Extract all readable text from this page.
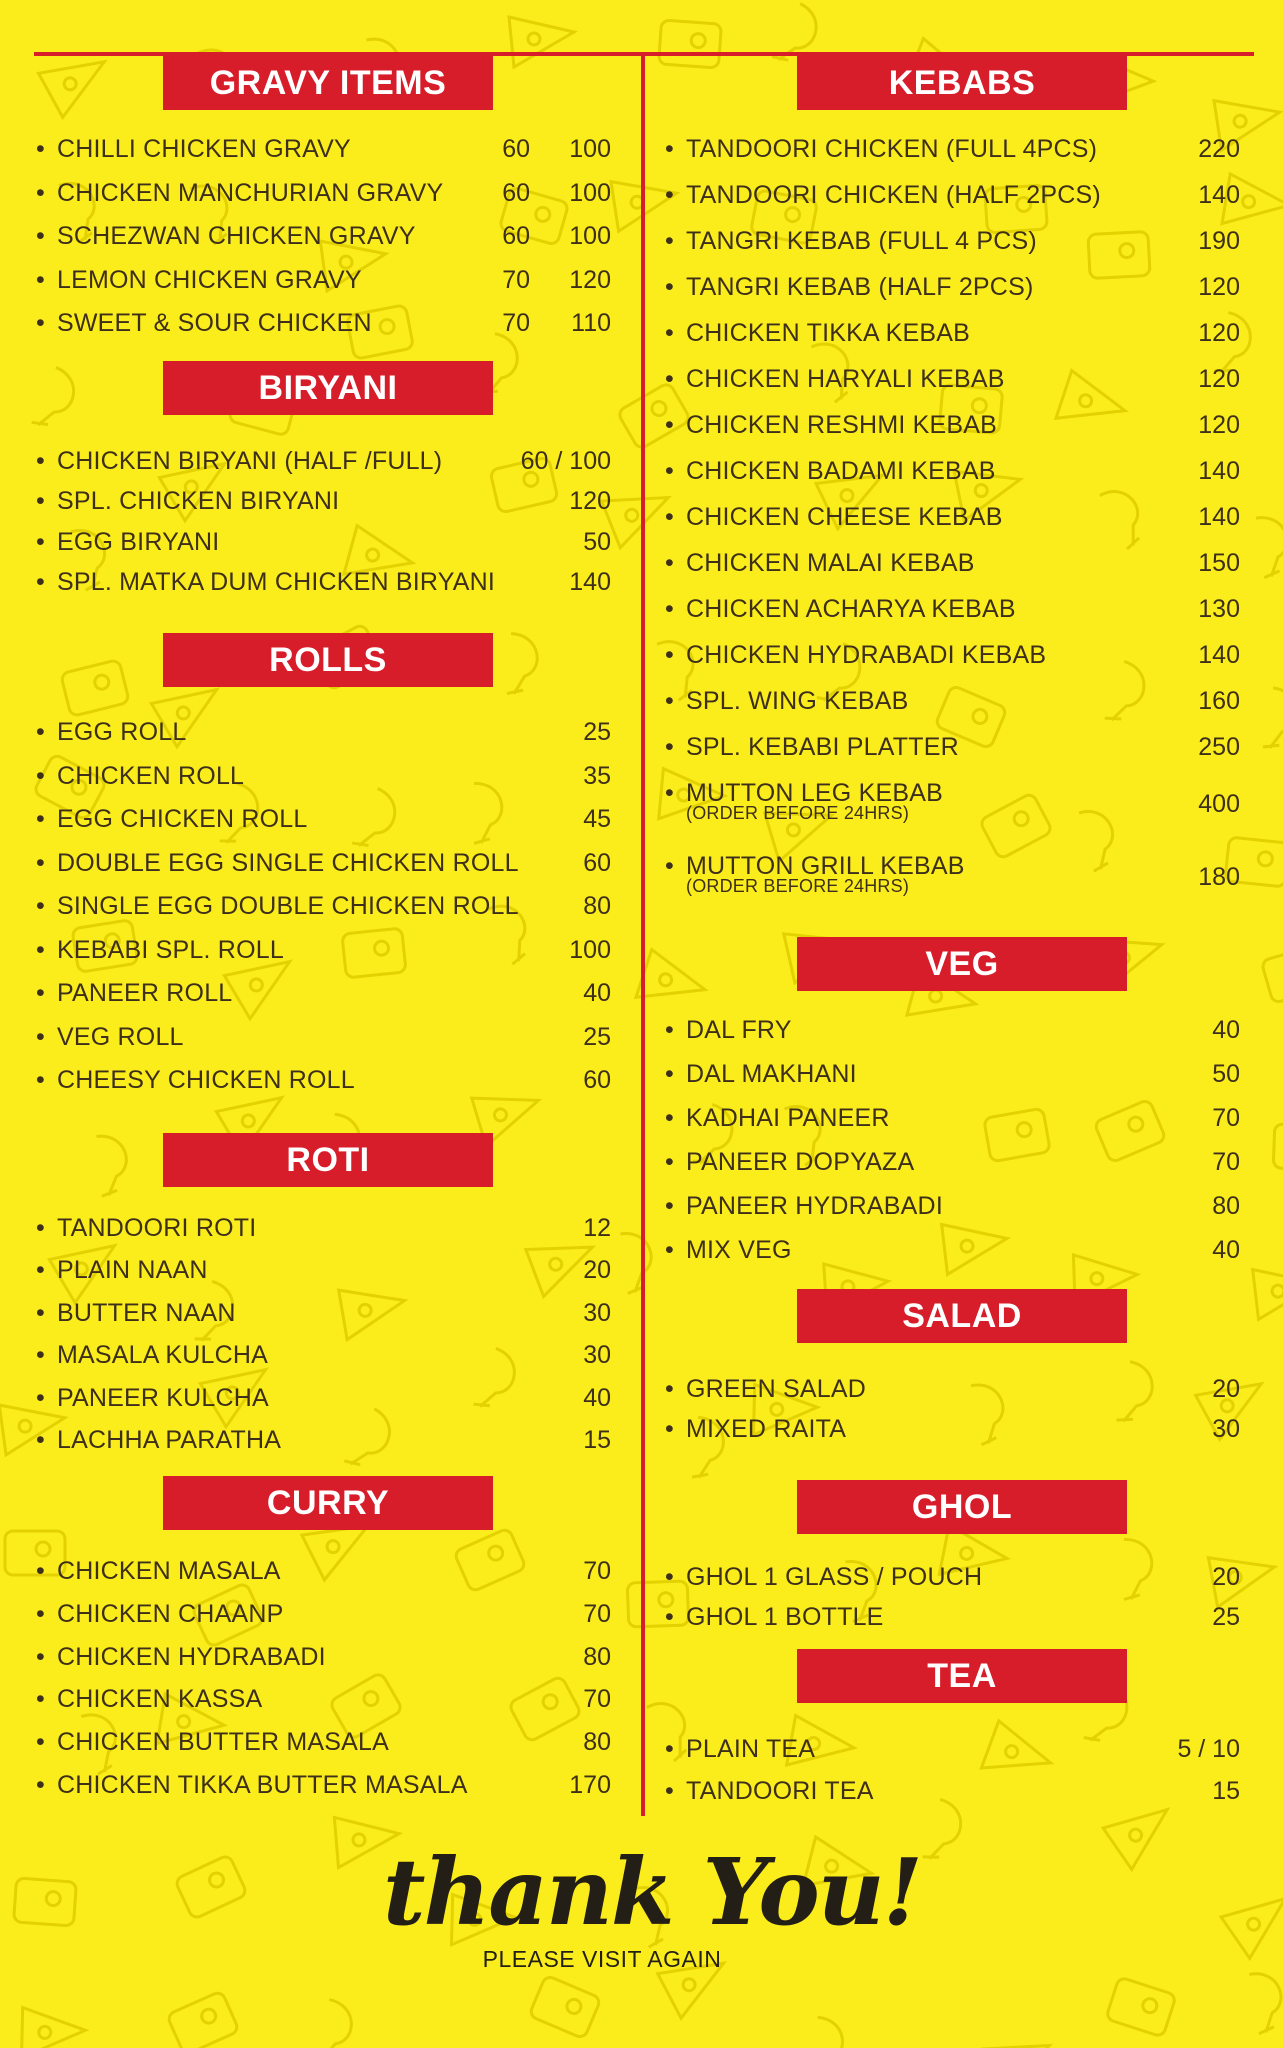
GRAVY ITEMS
• CHILLI CHICKEN GRAVY	60 100
• CHICKEN MANCHURIAN GRAVY 60 100
• SCHEZWAN CHICKEN GRAVY	60 100
• LEMON CHICKEN GRAVY	70 120
• SWEET & SOUR CHICKEN	70 110
BIRYANI
• CHICKEN BIRYANI (HALF /FULL)	60 / 100
• SPL. CHICKEN BIRYANI	120
• EGG BIRYANI	50
• SPL. MATKA DUM CHICKEN BIRYANI	140
ROLLS
• EGG ROLL	25
• CHICKEN ROLL	35
• EGG CHICKEN ROLL	45
• DOUBLE EGG SINGLE CHICKEN ROLL	60
• SINGLE EGG DOUBLE CHICKEN ROLL	80
• KEBABI SPL. ROLL	100
• PANEER ROLL	40
• VEG ROLL	25
• CHEESY CHICKEN ROLL	60
ROTI
• TANDOORI ROTI	12
• PLAIN NAAN	20
• BUTTER NAAN	30
• MASALA KULCHA	30
• PANEER KULCHA	40
• LACHHA PARATHA	15
CURRY
• CHICKEN MASALA	70
• CHICKEN CHAANP	70
• CHICKEN HYDRABADI	80
• CHICKEN KASSA	70
• CHICKEN BUTTER MASALA	80
• CHICKEN TIKKA BUTTER MASALA	170
KEBABS
• TANDOORI CHICKEN (FULL 4PCS)	220
• TANDOORI CHICKEN (HALF 2PCS)	140
• TANGRI KEBAB (FULL 4 PCS)	190
• TANGRI KEBAB (HALF 2PCS)	120
• CHICKEN TIKKA KEBAB	120
• CHICKEN HARYALI KEBAB	120
• CHICKEN RESHMI KEBAB	120
• CHICKEN BADAMI KEBAB	140
• CHICKEN CHEESE KEBAB	140
• CHICKEN MALAI KEBAB	150
• CHICKEN ACHARYA KEBAB	130
• CHICKEN HYDRABADI KEBAB	140
• SPL. WING KEBAB	160
• SPL. KEBABI PLATTER	250
• MUTTON LEG KEBAB
(ORDER BEFORE 24HRS)	400
• MUTTON GRILL KEBAB
(ORDER BEFORE 24HRS)	180
VEG
• DAL FRY	40
• DAL MAKHANI	50
• KADHAI PANEER	70
• PANEER DOPYAZA	70
• PANEER HYDRABADI	80
• MIX VEG	40
SALAD
• GREEN SALAD	20
• MIXED RAITA	30
GHOL
• GHOL 1 GLASS / POUCH	20
• GHOL 1 BOTTLE	25
TEA
• PLAIN TEA	5 / 10
• TANDOORI TEA	15
thank You!
PLEASE VISIT AGAIN
